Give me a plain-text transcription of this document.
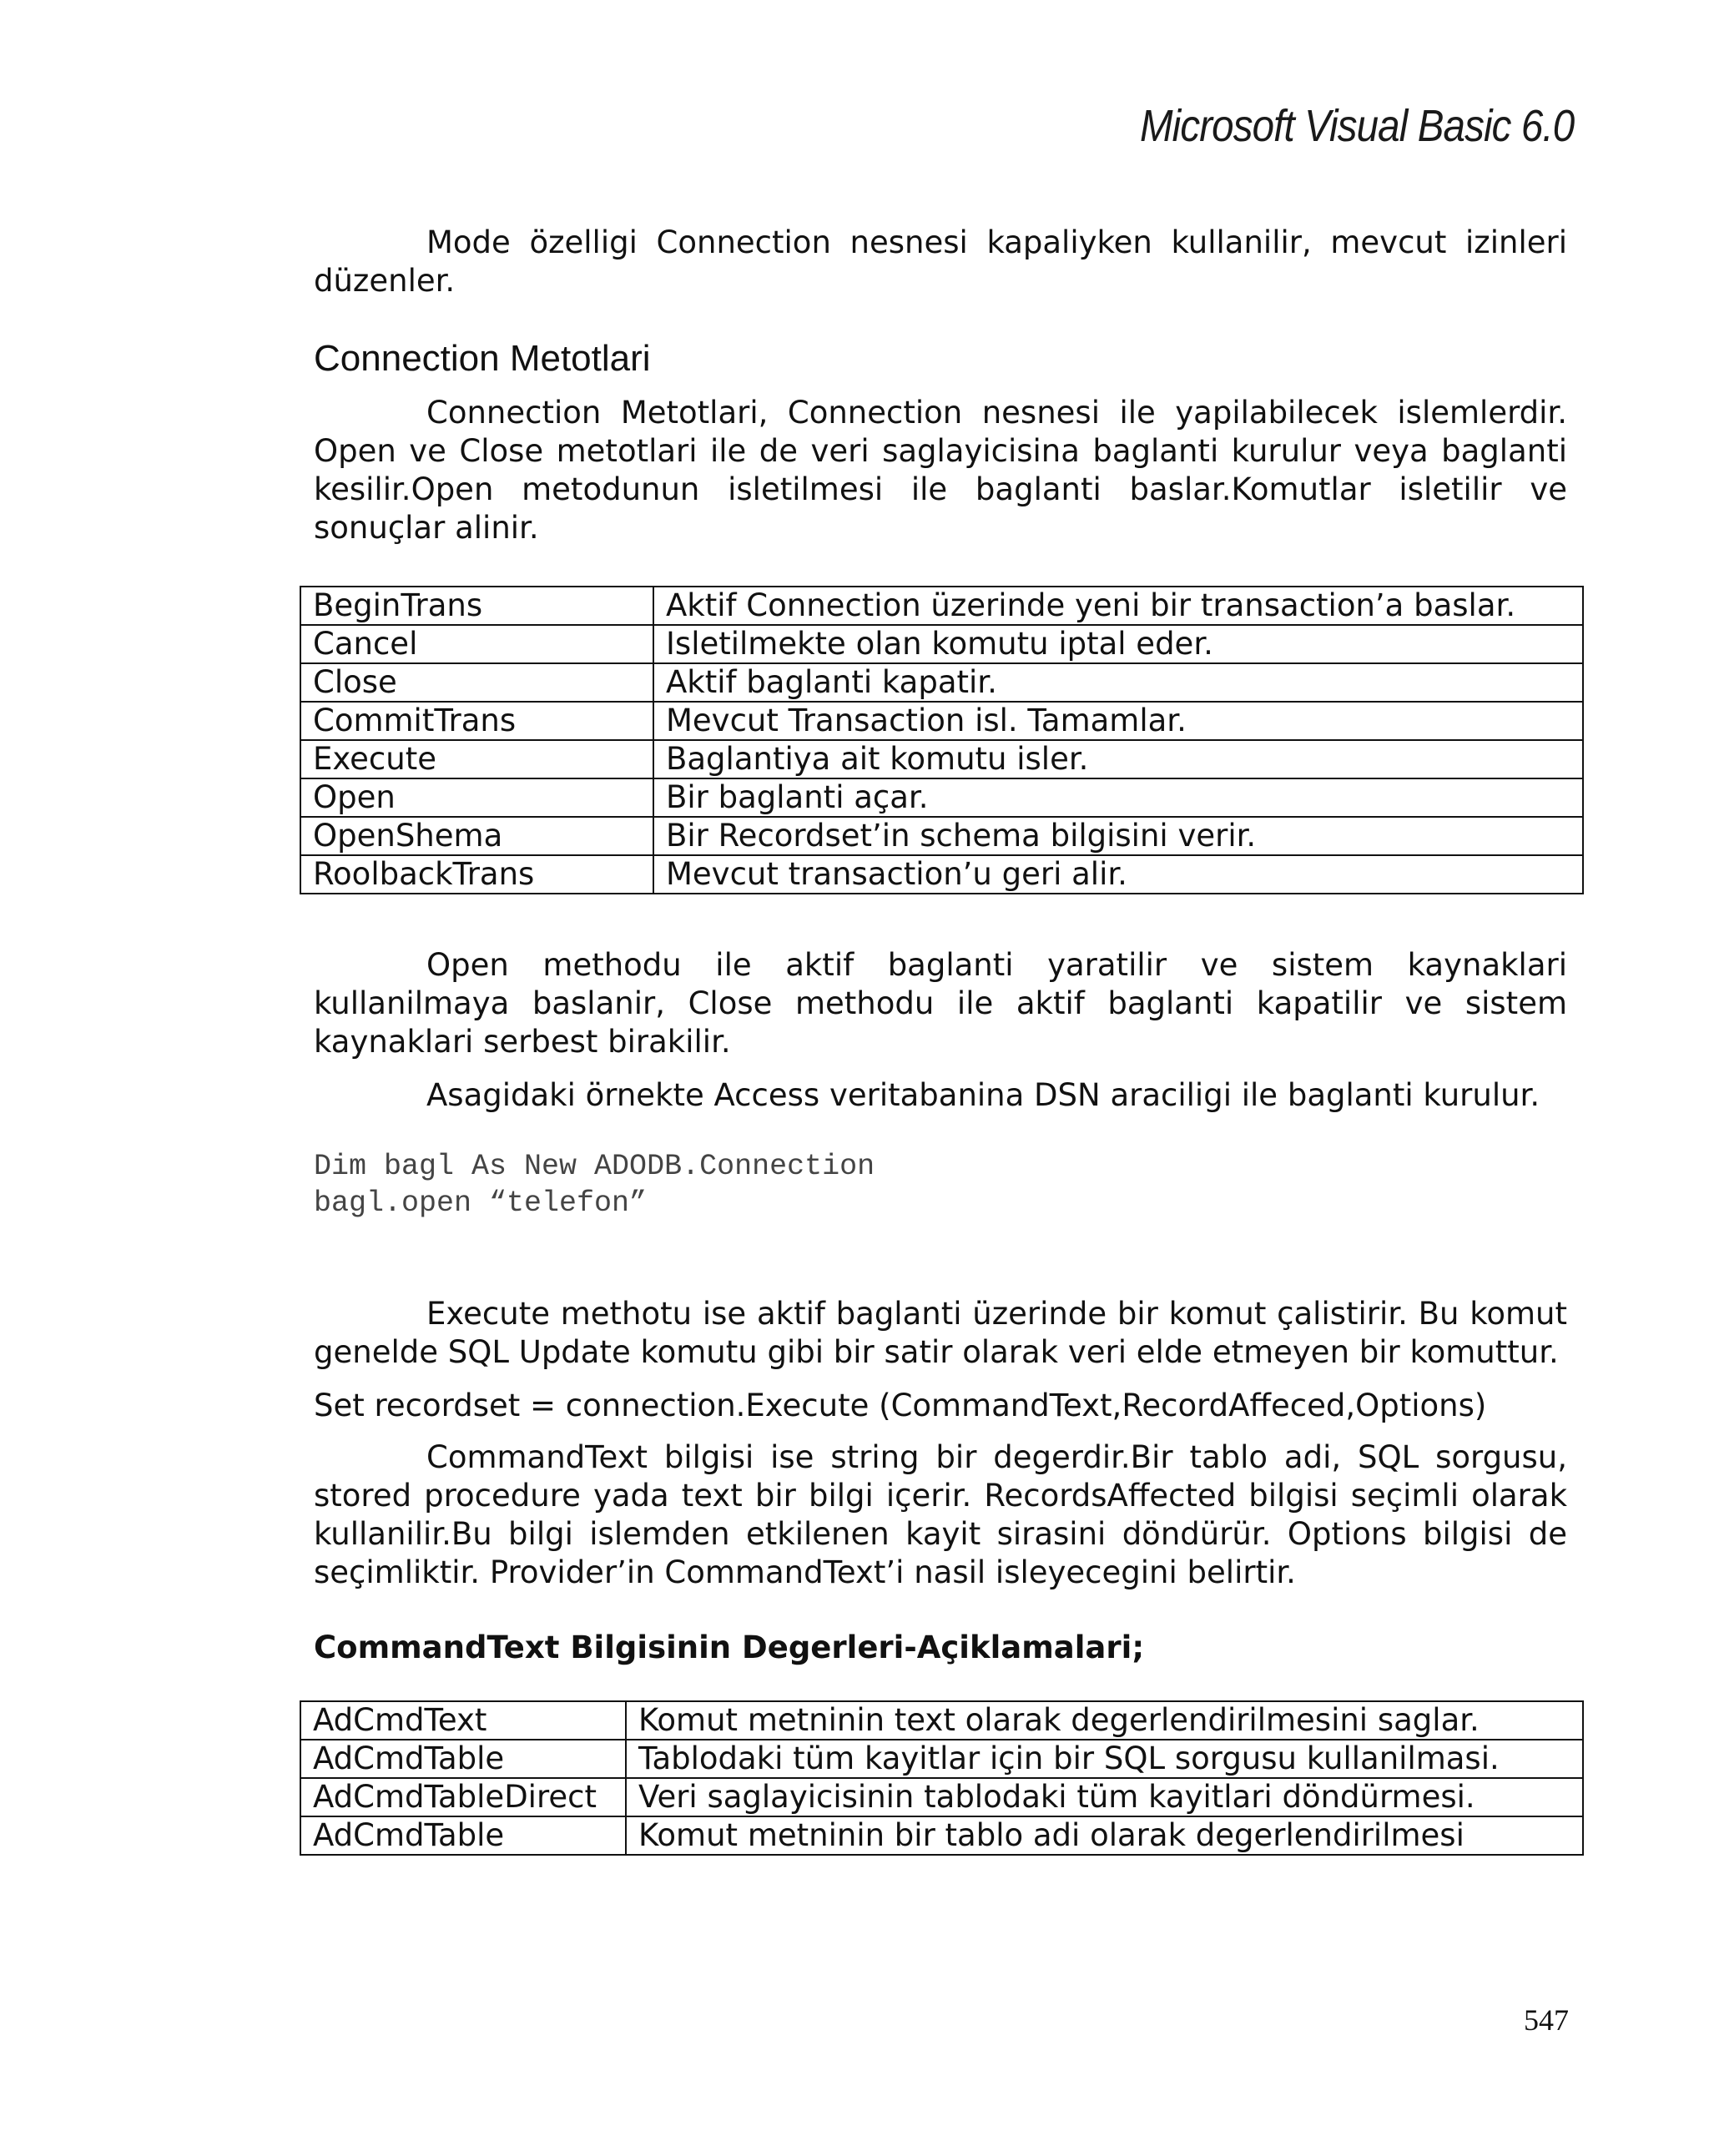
Microsoft Visual Basic 6.0

Mode özelligi Connection nesnesi kapaliyken kullanilir, mevcut izinleri düzenler.

Connection Metotlari

Connection Metotlari, Connection nesnesi ile yapilabilecek islemlerdir. Open ve Close metotlari ile de veri saglayicisina baglanti kurulur veya baglanti kesilir.Open metodunun isletilmesi ile baglanti baslar.Komutlar isletilir ve sonuçlar alinir.

BeginTrans	Aktif Connection üzerinde yeni bir transaction’a baslar.
Cancel	Isletilmekte olan komutu iptal eder.
Close	Aktif baglanti kapatir.
CommitTrans	Mevcut Transaction isl. Tamamlar.
Execute	Baglantiya ait komutu isler.
Open	Bir baglanti açar.
OpenShema	Bir Recordset’in schema bilgisini verir.
RoolbackTrans	Mevcut transaction’u geri alir.

Open methodu ile aktif baglanti yaratilir ve sistem kaynaklari kullanilmaya baslanir, Close methodu ile aktif baglanti kapatilir ve sistem kaynaklari serbest birakilir.

Asagidaki örnekte Access veritabanina DSN araciligi ile baglanti kurulur.

Dim bagl As New ADODB.Connection
bagl.open “telefon”

Execute methotu ise aktif baglanti üzerinde bir komut çalistirir. Bu komut genelde SQL Update komutu gibi bir satir olarak veri elde etmeyen bir komuttur.

Set recordset = connection.Execute (CommandText,RecordAffeced,Options)

CommandText bilgisi ise string bir degerdir.Bir tablo adi, SQL sorgusu, stored procedure yada text bir bilgi içerir. RecordsAffected bilgisi seçimli olarak kullanilir.Bu bilgi islemden etkilenen kayit sirasini döndürür. Options bilgisi de seçimliktir. Provider’in CommandText’i nasil isleyecegini belirtir.

CommandText Bilgisinin Degerleri-Açiklamalari;
AdCmdText	Komut metninin text olarak degerlendirilmesini saglar.
AdCmdTable	Tablodaki tüm kayitlar için bir SQL sorgusu kullanilmasi.
AdCmdTableDirect	Veri saglayicisinin tablodaki tüm kayitlari döndürmesi.
AdCmdTable	Komut metninin bir tablo adi olarak degerlendirilmesi
547
